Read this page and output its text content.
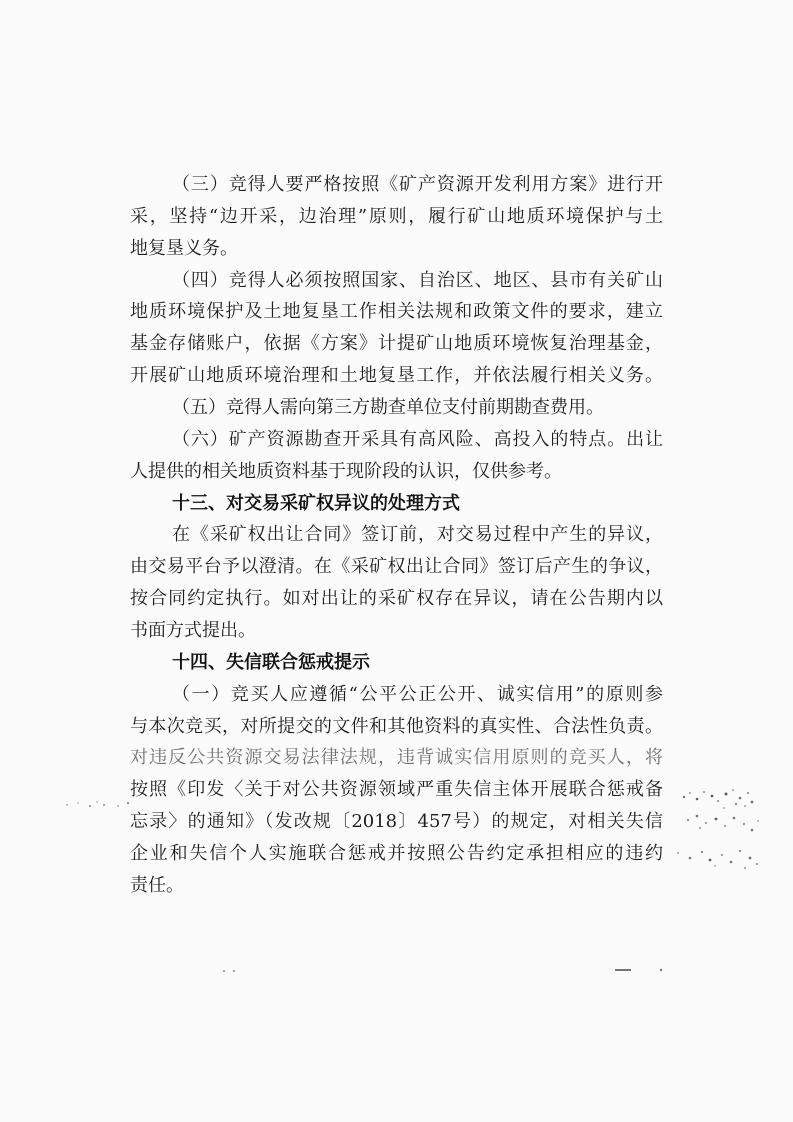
（三）竞得人要严格按照《矿产资源开发利用方案》进行开
采，坚持“边开采，边治理”原则，履行矿山地质环境保护与土
地复垦义务。
（四）竞得人必须按照国家、自治区、地区、县市有关矿山
地质环境保护及土地复垦工作相关法规和政策文件的要求，建立
基金存储账户，依据《方案》计提矿山地质环境恢复治理基金，
开展矿山地质环境治理和土地复垦工作，并依法履行相关义务。
（五）竞得人需向第三方勘查单位支付前期勘查费用。
（六）矿产资源勘查开采具有高风险、高投入的特点。出让
人提供的相关地质资料基于现阶段的认识，仅供参考。
十三、对交易采矿权异议的处理方式
在《采矿权出让合同》签订前，对交易过程中产生的异议，
由交易平台予以澄清。在《采矿权出让合同》签订后产生的争议，
按合同约定执行。如对出让的采矿权存在异议，请在公告期内以
书面方式提出。
十四、失信联合惩戒提示
（一）竞买人应遵循“公平公正公开、诚实信用”的原则参
与本次竞买，对所提交的文件和其他资料的真实性、合法性负责。
对违反公共资源交易法律法规，违背诚实信用原则的竞买人，将
按照《印发〈关于对公共资源领域严重失信主体开展联合惩戒备
忘录〉的通知》（发改规〔2018〕457号）的规定，对相关失信
企业和失信个人实施联合惩戒并按照公告约定承担相应的违约
责任。
